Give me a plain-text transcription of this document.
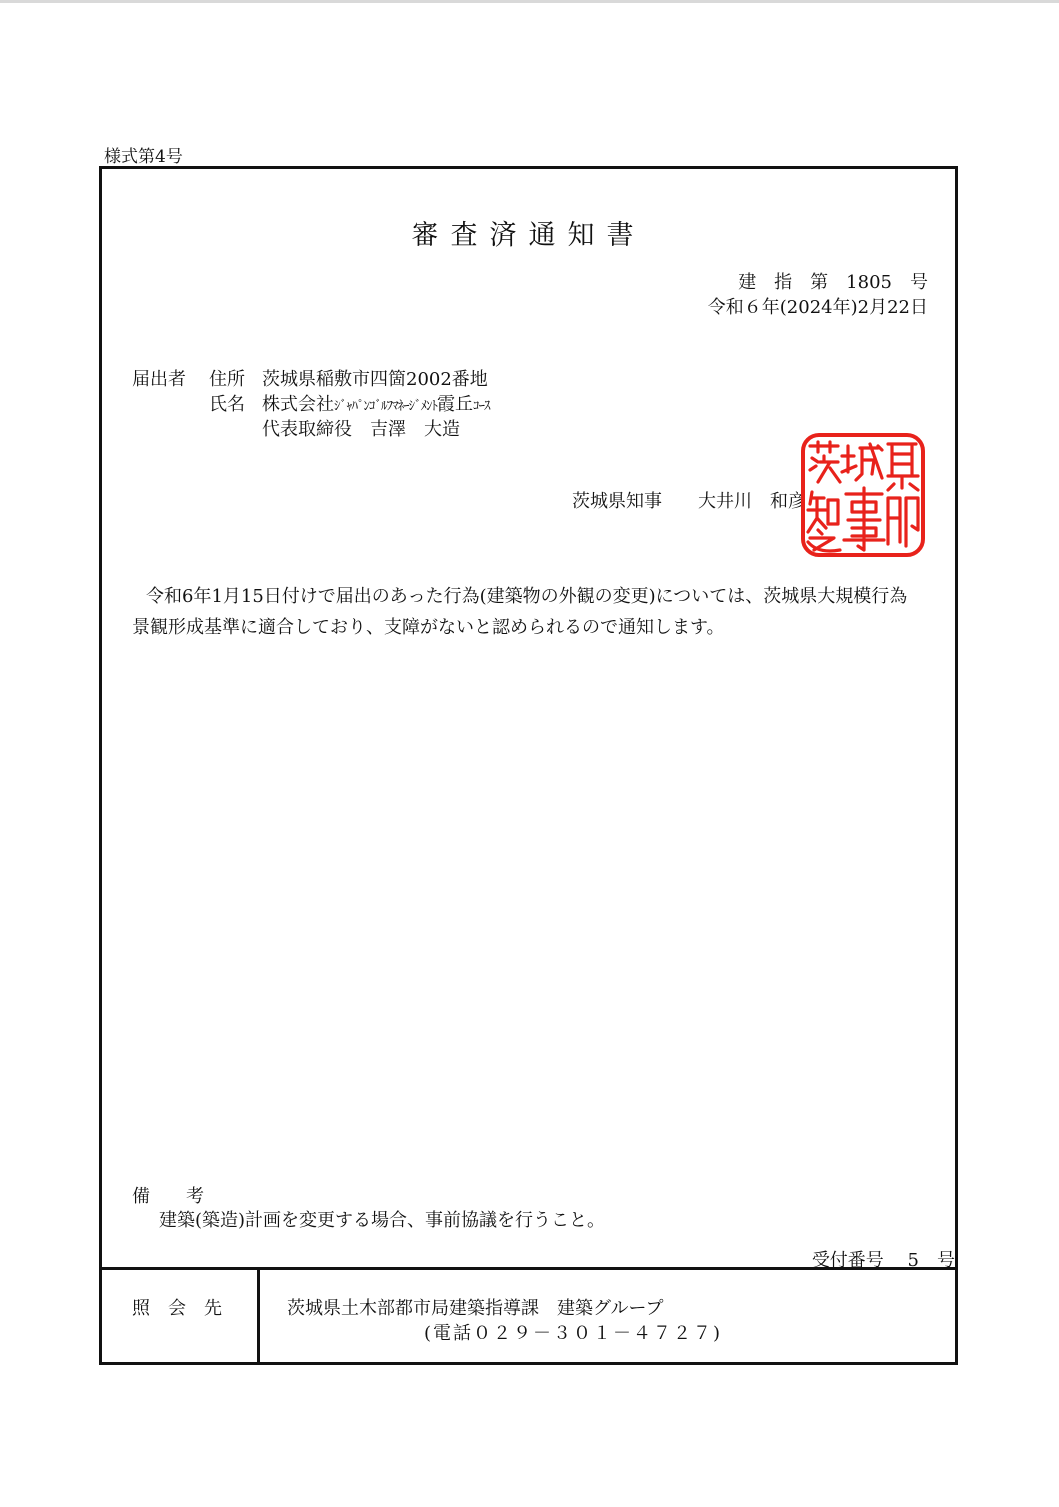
様式第4号
審査済通知書
建　指　第　1805　号
令和６年(2024年)2月22日
届出者 住所 茨城県稲敷市四箇2002番地
氏名 株式会社ｼﾞｬﾊﾟﾝｺﾞﾙﾌﾏﾈｰｼﾞﾒﾝﾄ霞丘ｺｰｽ
代表取締役　吉澤　大造
茨城県知事　　大井川　和彦
令和6年1月15日付けで届出のあった行為(建築物の外観の変更)については、茨城県大規模行為景観形成基準に適合しており、支障がないと認められるので通知します。
備　　考
建築(築造)計画を変更する場合、事前協議を行うこと。
受付番号　 5　号
照　会　先	茨城県土木部都市局建築指導課　建築グループ
(電話０２９－３０１－４７２７)
